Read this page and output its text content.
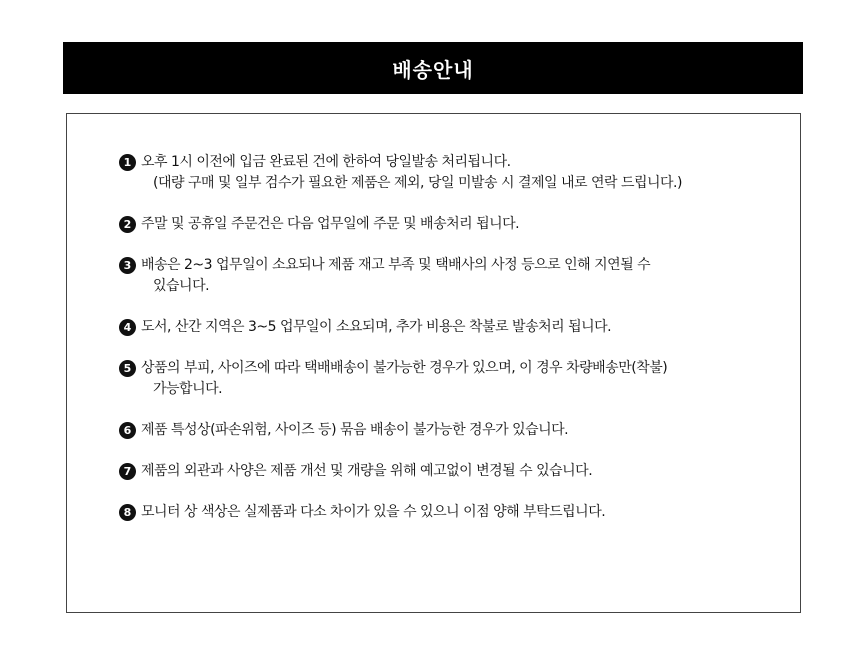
배송안내
1 오후 1시 이전에 입금 완료된 건에 한하여 당일발송 처리됩니다.
(대량 구매 및 일부 검수가 필요한 제품은 제외, 당일 미발송 시 결제일 내로 연락 드립니다.)
2 주말 및 공휴일 주문건은 다음 업무일에 주문 및 배송처리 됩니다.
3 배송은 2~3 업무일이 소요되나 제품 재고 부족 및 택배사의 사정 등으로 인해 지연될 수
있습니다.
4 도서, 산간 지역은 3~5 업무일이 소요되며, 추가 비용은 착불로 발송처리 됩니다.
5 상품의 부피, 사이즈에 따라 택배배송이 불가능한 경우가 있으며, 이 경우 차량배송만(착불)
가능합니다.
6 제품 특성상(파손위험, 사이즈 등) 묶음 배송이 불가능한 경우가 있습니다.
7 제품의 외관과 사양은 제품 개선 및 개량을 위해 예고없이 변경될 수 있습니다.
8 모니터 상 색상은 실제품과 다소 차이가 있을 수 있으니 이점 양해 부탁드립니다.
